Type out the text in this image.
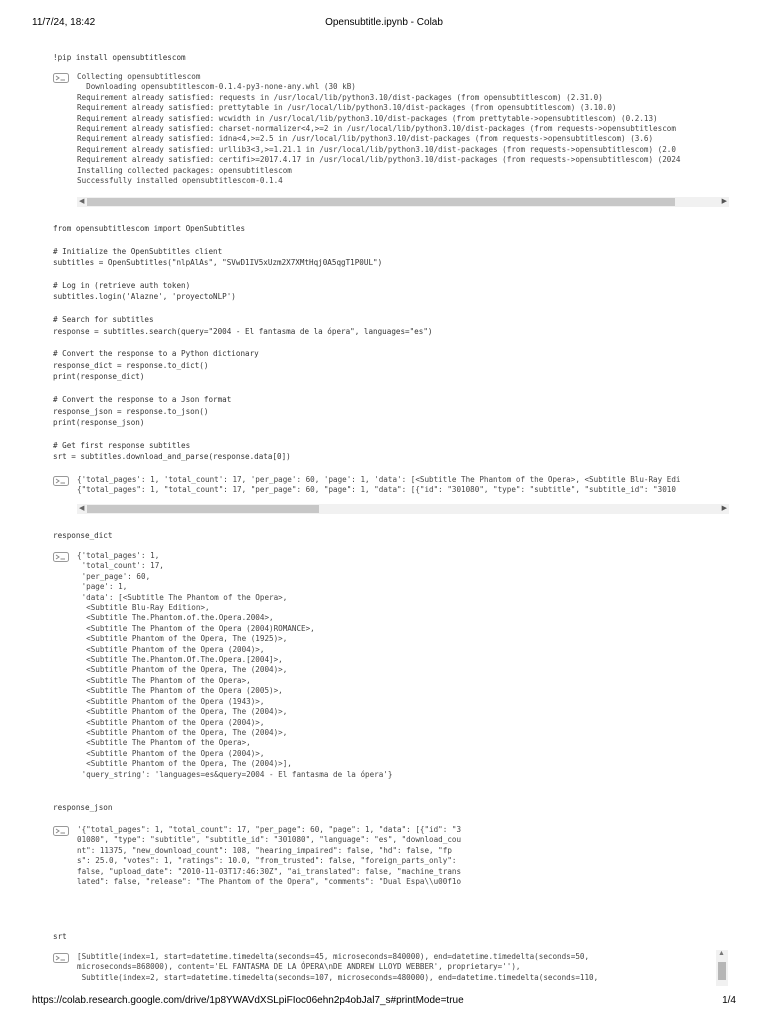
11/7/24, 18:42	Opensubtitle.ipynb - Colab
!pip install opensubtitlescom
Collecting opensubtitlescom
Downloading opensubtitlescom-0.1.4-py3-none-any.whl (30 kB)
Requirement already satisfied: requests in /usr/local/lib/python3.10/dist-packages (from opensubtitlescom) (2.31.0)
Requirement already satisfied: prettytable in /usr/local/lib/python3.10/dist-packages (from opensubtitlescom) (3.10.0)
Requirement already satisfied: wcwidth in /usr/local/lib/python3.10/dist-packages (from prettytable->opensubtitlescom) (0.2.13)
Requirement already satisfied: charset-normalizer<4,>=2 in /usr/local/lib/python3.10/dist-packages (from requests->opensubtitlescom
Requirement already satisfied: idna<4,>=2.5 in /usr/local/lib/python3.10/dist-packages (from requests->opensubtitlescom) (3.6)
Requirement already satisfied: urllib3<3,>=1.21.1 in /usr/local/lib/python3.10/dist-packages (from requests->opensubtitlescom) (2.0
Requirement already satisfied: certifi>=2017.4.17 in /usr/local/lib/python3.10/dist-packages (from requests->opensubtitlescom) (2024
Installing collected packages: opensubtitlescom
Successfully installed opensubtitlescom-0.1.4
◀	▶
from opensubtitlescom import OpenSubtitles

# Initialize the OpenSubtitles client
subtitles = OpenSubtitles("nlpAlAs", "SVwD1IV5xUzm2X7XMtHqj0A5qgT1P0UL")

# Log in (retrieve auth token)
subtitles.login('Alazne', 'proyectoNLP')

# Search for subtitles
response = subtitles.search(query="2004 - El fantasma de la ópera", languages="es")

# Convert the response to a Python dictionary
response_dict = response.to_dict()
print(response_dict)

# Convert the response to a Json format
response_json = response.to_json()
print(response_json)

# Get first response subtitles
srt = subtitles.download_and_parse(response.data[0])
{'total_pages': 1, 'total_count': 17, 'per_page': 60, 'page': 1, 'data': [<Subtitle The Phantom of the Opera>, <Subtitle Blu-Ray Edi
{"total_pages": 1, "total_count": 17, "per_page": 60, "page": 1, "data": [{"id": "301080", "type": "subtitle", "subtitle_id": "3010
◀	▶
response_dict
{'total_pages': 1,
'total_count': 17,
'per_page': 60,
'page': 1,
'data': [<Subtitle The Phantom of the Opera>,
<Subtitle Blu-Ray Edition>,
<Subtitle The.Phantom.of.the.Opera.2004>,
<Subtitle The Phantom of the Opera (2004)ROMANCE>,
<Subtitle Phantom of the Opera, The (1925)>,
<Subtitle Phantom of the Opera (2004)>,
<Subtitle The.Phantom.Of.The.Opera.[2004]>,
<Subtitle Phantom of the Opera, The (2004)>,
<Subtitle The Phantom of the Opera>,
<Subtitle The Phantom of the Opera (2005)>,
<Subtitle Phantom of the Opera (1943)>,
<Subtitle Phantom of the Opera, The (2004)>,
<Subtitle Phantom of the Opera (2004)>,
<Subtitle Phantom of the Opera, The (2004)>,
<Subtitle The Phantom of the Opera>,
<Subtitle Phantom of the Opera (2004)>,
<Subtitle Phantom of the Opera, The (2004)>],
'query_string': 'languages=es&query=2004 - El fantasma de la ópera'}
response_json
'{"total_pages": 1, "total_count": 17, "per_page": 60, "page": 1, "data": [{"id": "3
01080", "type": "subtitle", "subtitle_id": "301080", "language": "es", "download_cou
nt": 11375, "new_download_count": 108, "hearing_impaired": false, "hd": false, "fp
s": 25.0, "votes": 1, "ratings": 10.0, "from_trusted": false, "foreign_parts_only":
false, "upload_date": "2010-11-03T17:46:30Z", "ai_translated": false, "machine_trans
lated": false, "release": "The Phantom of the Opera", "comments": "Dual Espa\\u00f1o
srt
[Subtitle(index=1, start=datetime.timedelta(seconds=45, microseconds=840000), end=datetime.timedelta(seconds=50,
microseconds=868000), content='EL FANTASMA DE LA ÓPERA\nDE ANDREW LLOYD WEBBER', proprietary=''),
Subtitle(index=2, start=datetime.timedelta(seconds=107, microseconds=480000), end=datetime.timedelta(seconds=110,
▲
https://colab.research.google.com/drive/1p8YWAVdXSLpiFIoc06ehn2p4obJal7_s#printMode=true	1/4
